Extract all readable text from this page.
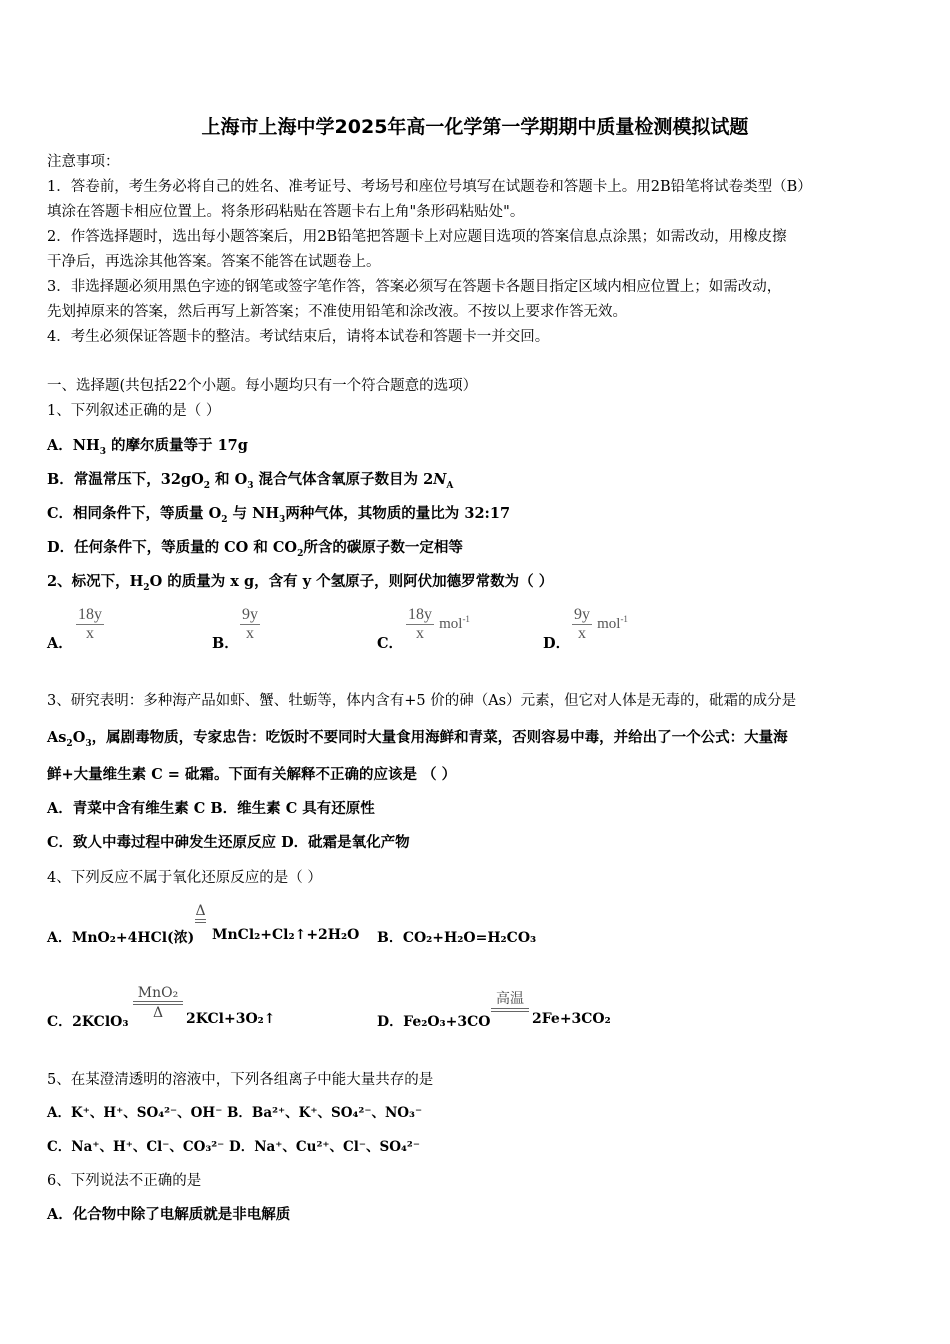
上海市上海中学2025年高一化学第一学期期中质量检测模拟试题
注意事项：
1．答卷前，考生务必将自己的姓名、准考证号、考场号和座位号填写在试题卷和答题卡上。用2B铅笔将试卷类型（B）
填涂在答题卡相应位置上。将条形码粘贴在答题卡右上角"条形码粘贴处"。
2．作答选择题时，选出每小题答案后，用2B铅笔把答题卡上对应题目选项的答案信息点涂黑；如需改动，用橡皮擦
干净后，再选涂其他答案。答案不能答在试题卷上。
3．非选择题必须用黑色字迹的钢笔或签字笔作答，答案必须写在答题卡各题目指定区域内相应位置上；如需改动，
先划掉原来的答案，然后再写上新答案；不准使用铅笔和涂改液。不按以上要求作答无效。
4．考生必须保证答题卡的整洁。考试结束后，请将本试卷和答题卡一并交回。
一、选择题(共包括22个小题。每小题均只有一个符合题意的选项）
1、下列叙述正确的是（ ）
A．$NH_3$ 的摩尔质量等于 17g
B．常温常压下，$32gO_2$ 和 $O_3$ 混合气体含氧原子数目为 $2N_A$
C．相同条件下，等质量 $O_2$ 与 $NH_3$两种气体，其物质的量比为 32:17
D．任何条件下，等质量的 CO 和 $CO_2$所含的碳原子数一定相等
2、标况下，$H_2O$ 的质量为 x g，含有 y 个氢原子，则阿伏加德罗常数为（ ）
A．
$\frac{18y}{x}$
B．
$\frac{9y}{x}$
C．
$\frac{18y}{x} mol^{-1}$
D．
$\frac{9y}{x} mol^{-1}$
3、研究表明：多种海产品如虾、蟹、牡蛎等，体内含有+5 价的砷（As）元素，但它对人体是无毒的，砒霜的成分是
$As_2O_3$，属剧毒物质，专家忠告：吃饭时不要同时大量食用海鲜和青菜，否则容易中毒，并给出了一个公式：大量海
鲜+大量维生素 C = 砒霜。下面有关解释不正确的应该是 （ ）
A．青菜中含有维生素 C B．维生素 C 具有还原性
C．致人中毒过程中砷发生还原反应 D．砒霜是氧化产物
4、下列反应不属于氧化还原反应的是（ ）
A．MnO₂+4HCl(浓)
Δ
MnCl₂+Cl₂↑+2H₂O B．CO₂+H₂O=H₂CO₃
C．2KClO₃
MnO₂
Δ	2KCl+3O₂↑	D．Fe₂O₃+3CO
高温
2Fe+3CO₂
5、在某澄清透明的溶液中，下列各组离子中能大量共存的是
A．K⁺、H⁺、SO₄²⁻、OH⁻ B．Ba²⁺、K⁺、SO₄²⁻、NO₃⁻
C．Na⁺、H⁺、Cl⁻、CO₃²⁻ D．Na⁺、Cu²⁺、Cl⁻、SO₄²⁻
6、下列说法不正确的是
A．化合物中除了电解质就是非电解质
